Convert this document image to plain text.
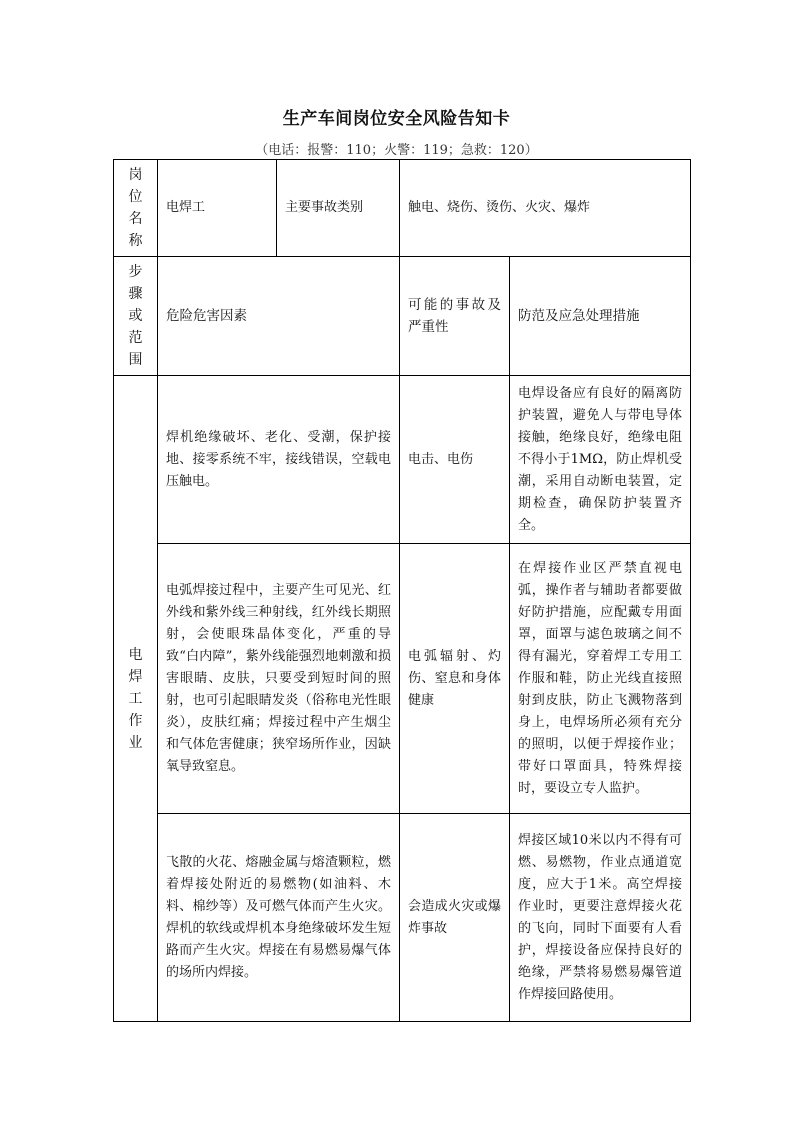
生产车间岗位安全风险告知卡
（电话：报警：110；火警：119；急救：120）
岗位名称	电焊工	主要事故类别	触电、烧伤、烫伤、火灾、爆炸	
步骤或范围	危险危害因素		可能的事故及严重性	防范及应急处理措施
电焊工作业	焊机绝缘破坏、老化、受潮，保护接地、接零系统不牢，接线错误，空载电压触电。		电击、电伤	电焊设备应有良好的隔离防护装置，避免人与带电导体接触，绝缘良好，绝缘电阻不得小于1MΩ，防止焊机受潮，采用自动断电装置，定期检查，确保防护装置齐全。
	电弧焊接过程中，主要产生可见光、红外线和紫外线三种射线，红外线长期照射，会使眼珠晶体变化，严重的导致“白内障”，紫外线能强烈地刺激和损害眼睛、皮肤，只要受到短时间的照射，也可引起眼睛发炎（俗称电光性眼炎），皮肤红痛；焊接过程中产生烟尘和气体危害健康；狭窄场所作业，因缺氧导致窒息。		电弧辐射、灼伤、窒息和身体健康	在焊接作业区严禁直视电弧，操作者与辅助者都要做好防护措施，应配戴专用面罩，面罩与滤色玻璃之间不得有漏光，穿着焊工专用工作服和鞋，防止光线直接照射到皮肤，防止飞溅物落到身上，电焊场所必须有充分的照明，以便于焊接作业；带好口罩面具，特殊焊接时，要设立专人监护。
	飞散的火花、熔融金属与熔渣颗粒，燃着焊接处附近的易燃物(如油料、木料、棉纱等）及可燃气体而产生火灾。焊机的软线或焊机本身绝缘破坏发生短路而产生火灾。焊接在有易燃易爆气体的场所内焊接。		会造成火灾或爆炸事故	焊接区域10米以内不得有可燃、易燃物，作业点通道宽度，应大于1米。高空焊接作业时，更要注意焊接火花的飞向，同时下面要有人看护，焊接设备应保持良好的绝缘，严禁将易燃易爆管道作焊接回路使用。
